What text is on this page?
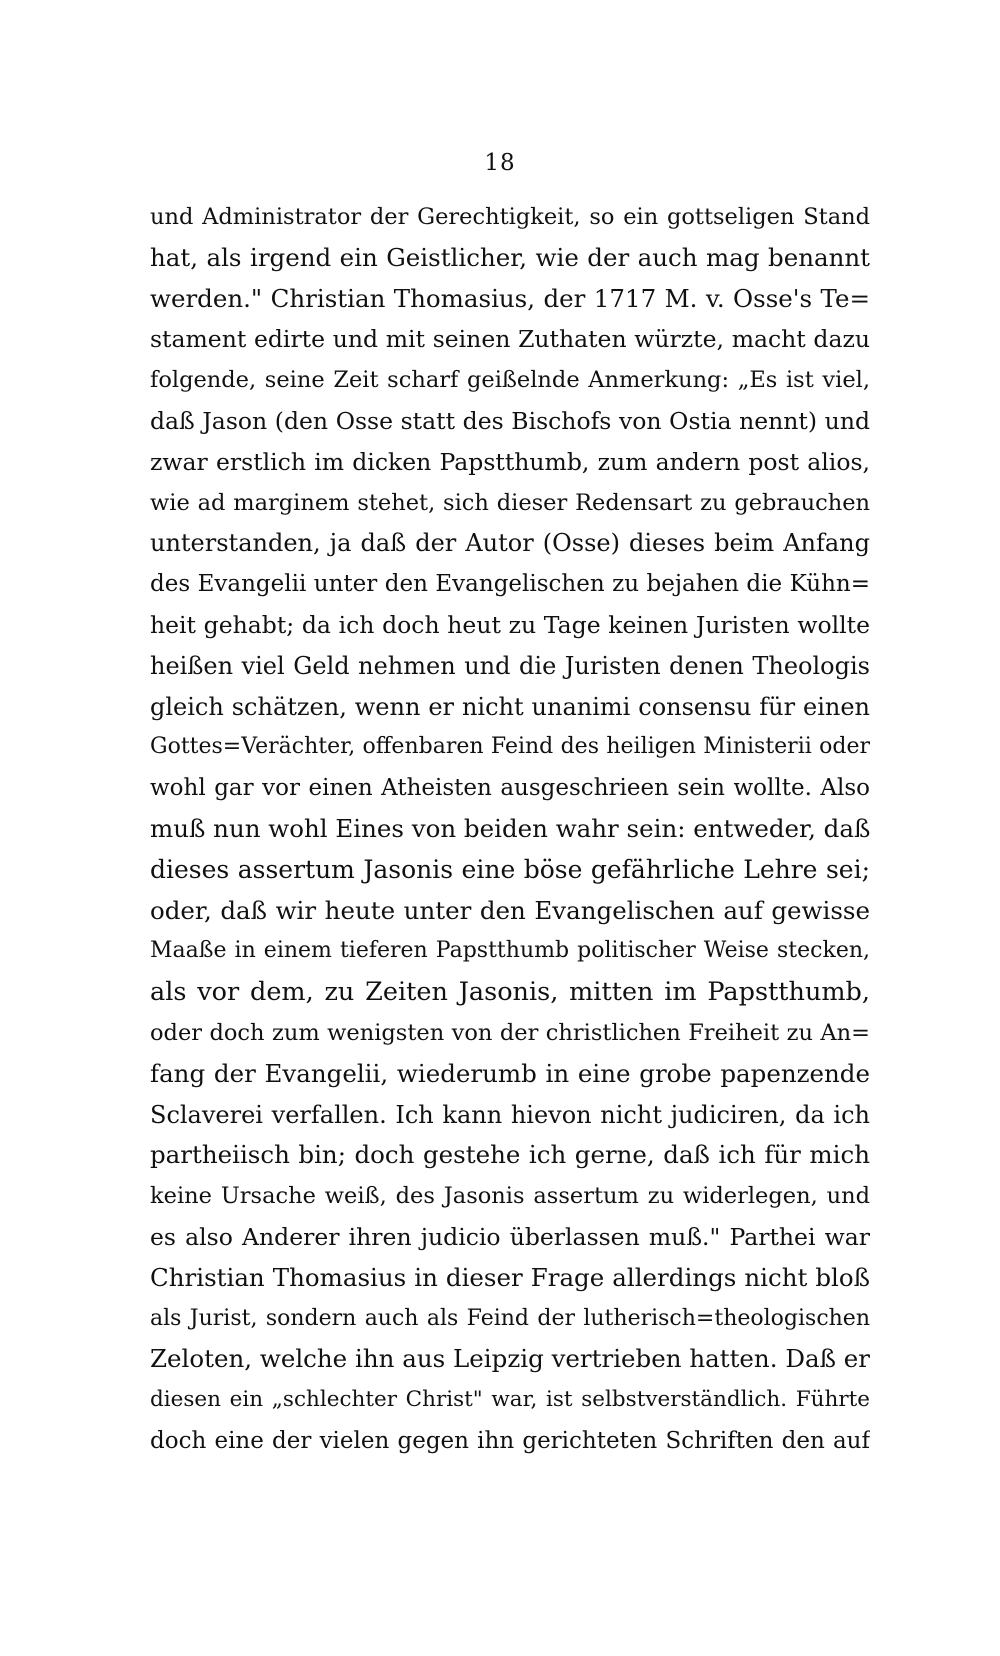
18
und Administrator der Gerechtigkeit, so ein gottseligen Stand
hat, als irgend ein Geistlicher, wie der auch mag benannt
werden." Christian Thomasius, der 1717 M. v. Osse's Te=
stament edirte und mit seinen Zuthaten würzte, macht dazu
folgende, seine Zeit scharf geißelnde Anmerkung: „Es ist viel,
daß Jason (den Osse statt des Bischofs von Ostia nennt) und
zwar erstlich im dicken Papstthumb, zum andern post alios,
wie ad marginem stehet, sich dieser Redensart zu gebrauchen
unterstanden, ja daß der Autor (Osse) dieses beim Anfang
des Evangelii unter den Evangelischen zu bejahen die Kühn=
heit gehabt; da ich doch heut zu Tage keinen Juristen wollte
heißen viel Geld nehmen und die Juristen denen Theologis
gleich schätzen, wenn er nicht unanimi consensu für einen
Gottes=Verächter, offenbaren Feind des heiligen Ministerii oder
wohl gar vor einen Atheisten ausgeschrieen sein wollte. Also
muß nun wohl Eines von beiden wahr sein: entweder, daß
dieses assertum Jasonis eine böse gefährliche Lehre sei;
oder, daß wir heute unter den Evangelischen auf gewisse
Maaße in einem tieferen Papstthumb politischer Weise stecken,
als vor dem, zu Zeiten Jasonis, mitten im Papstthumb,
oder doch zum wenigsten von der christlichen Freiheit zu An=
fang der Evangelii, wiederumb in eine grobe papenzende
Sclaverei verfallen. Ich kann hievon nicht judiciren, da ich
partheiisch bin; doch gestehe ich gerne, daß ich für mich
keine Ursache weiß, des Jasonis assertum zu widerlegen, und
es also Anderer ihren judicio überlassen muß." Parthei war
Christian Thomasius in dieser Frage allerdings nicht bloß
als Jurist, sondern auch als Feind der lutherisch=theologischen
Zeloten, welche ihn aus Leipzig vertrieben hatten. Daß er
diesen ein „schlechter Christ" war, ist selbstverständlich. Führte
doch eine der vielen gegen ihn gerichteten Schriften den auf
